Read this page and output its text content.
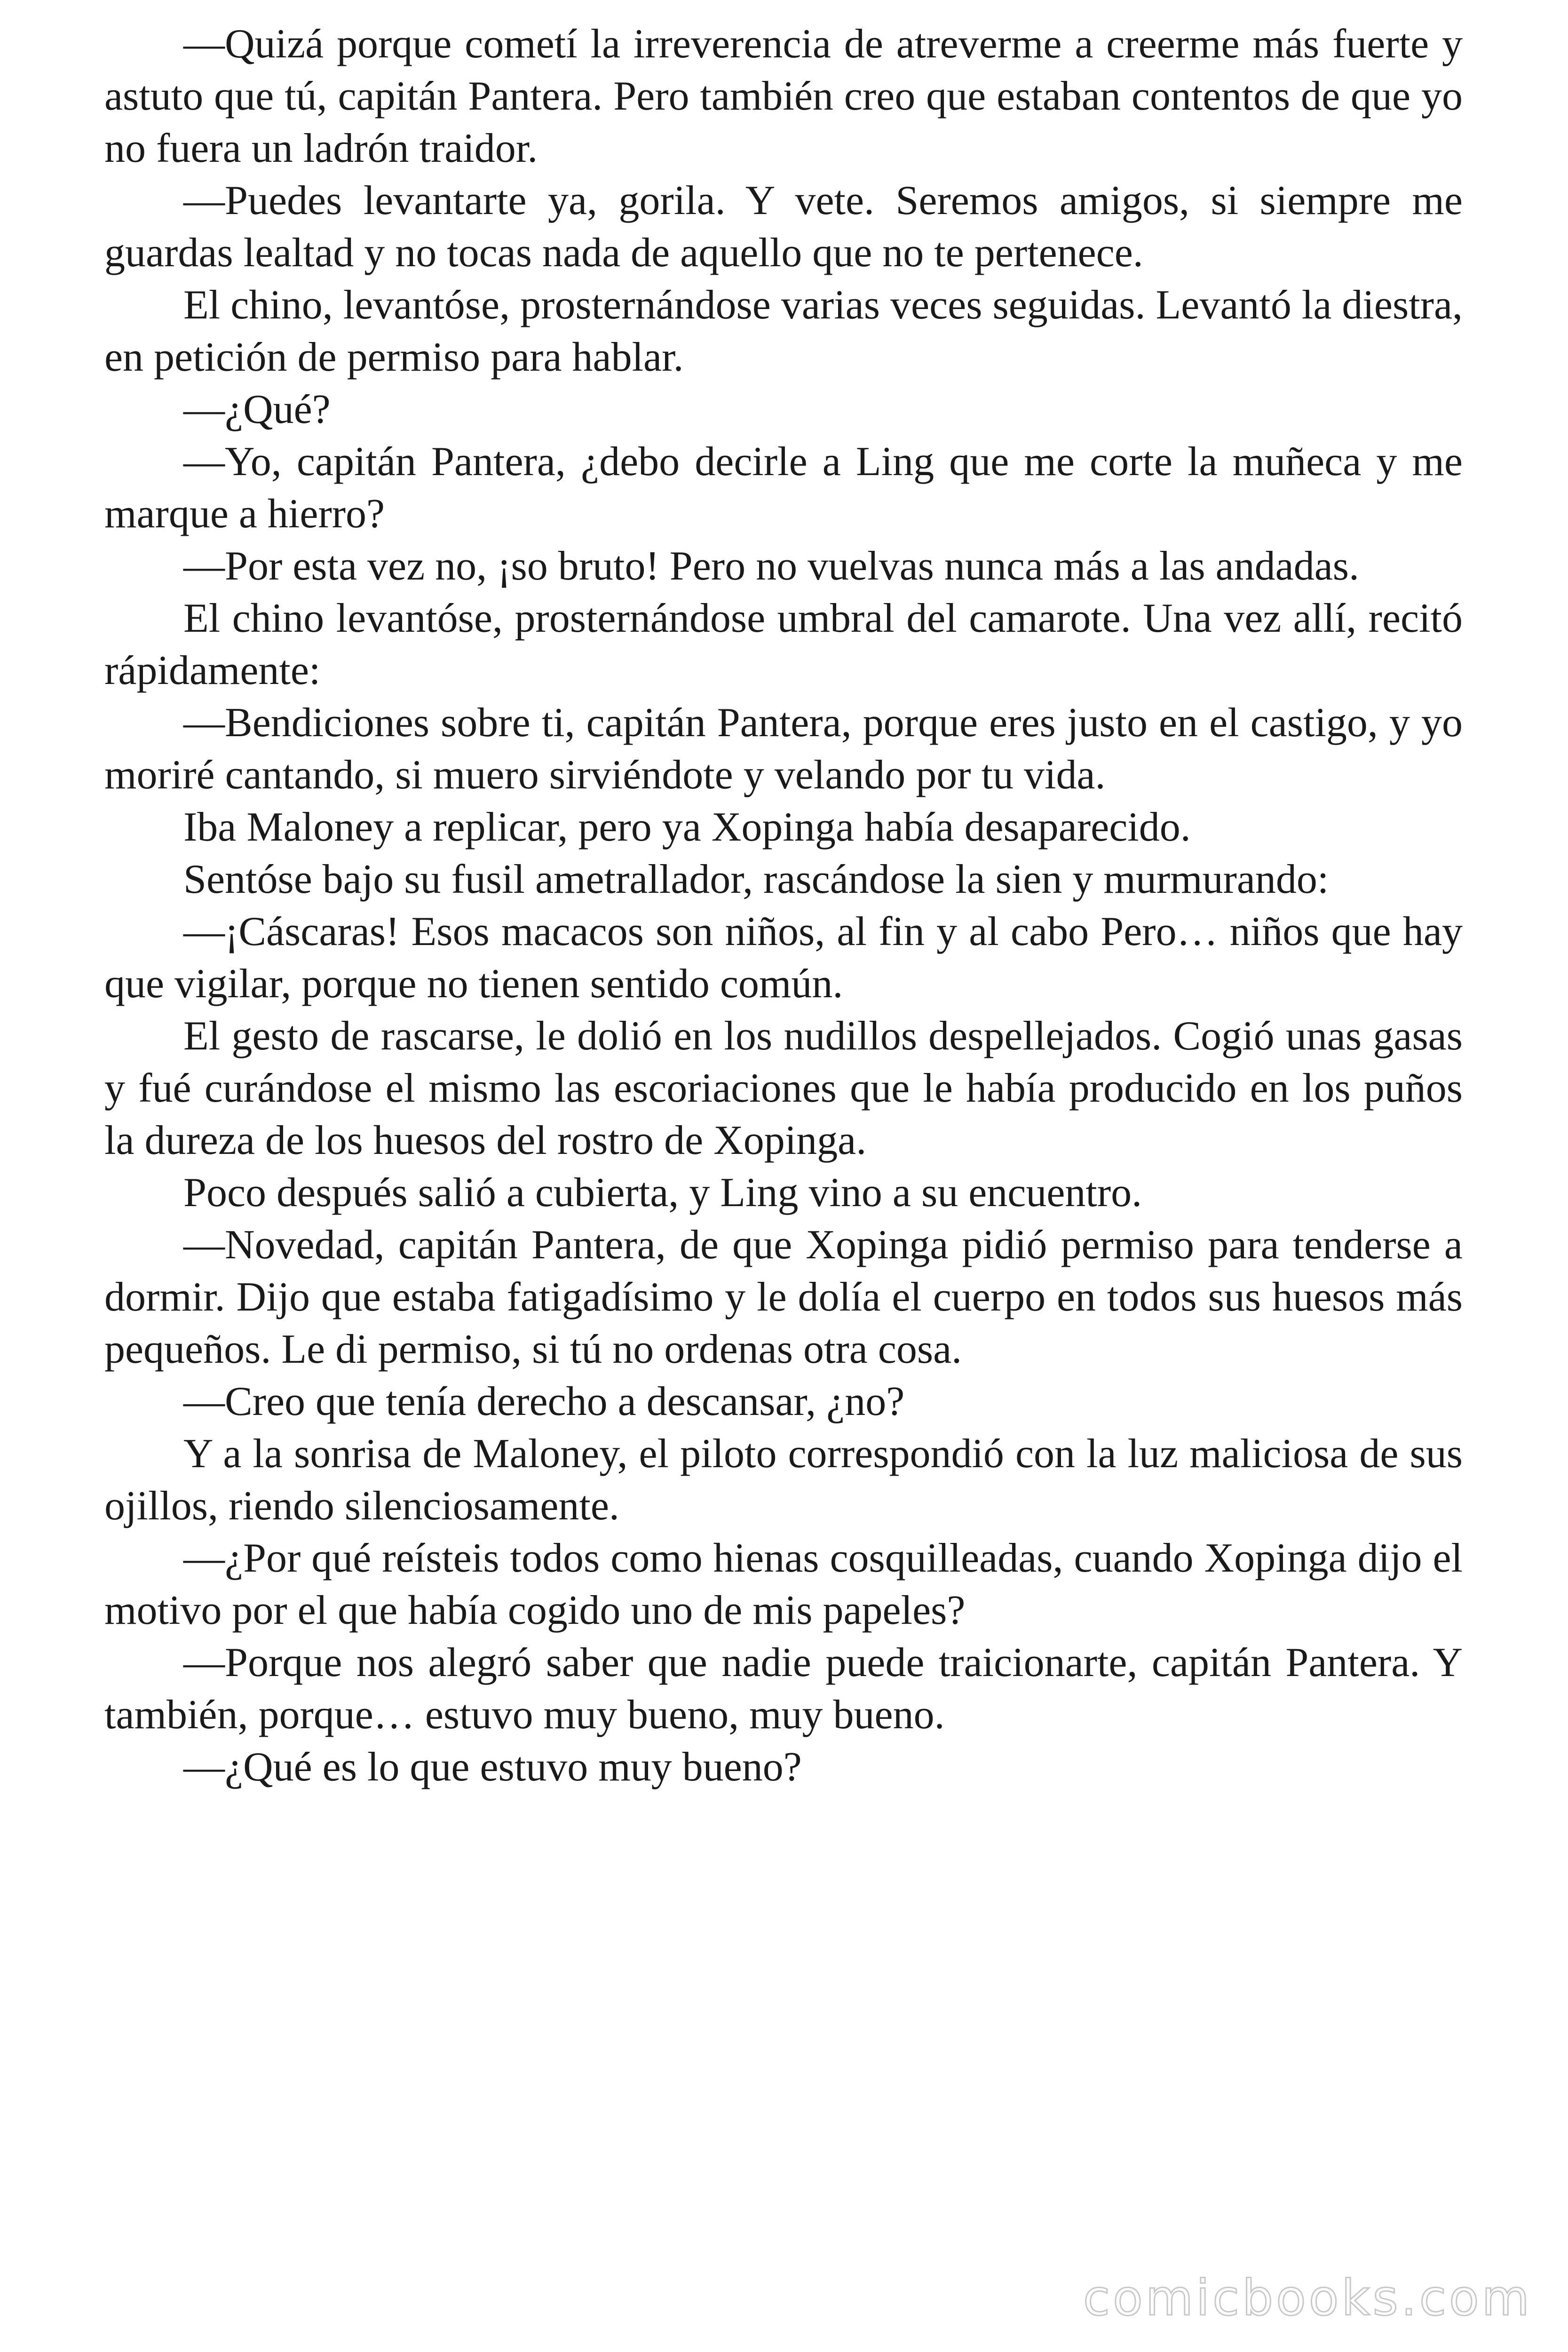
—Quizá porque cometí la irreverencia de atreverme a creerme más fuerte y astuto que tú, capitán Pantera. Pero también creo que estaban contentos de que yo no fuera un ladrón traidor.

—Puedes levantarte ya, gorila. Y vete. Seremos amigos, si siempre me guardas lealtad y no tocas nada de aquello que no te pertenece.

El chino, levantóse, prosternándose varias veces seguidas. Levantó la diestra, en petición de permiso para hablar.

—¿Qué?

—Yo, capitán Pantera, ¿debo decirle a Ling que me corte la muñeca y me marque a hierro?

—Por esta vez no, ¡so bruto! Pero no vuelvas nunca más a las andadas.

El chino levantóse, prosternándose umbral del camarote. Una vez allí, recitó rápidamente:

—Bendiciones sobre ti, capitán Pantera, porque eres justo en el castigo, y yo moriré cantando, si muero sirviéndote y velando por tu vida.

Iba Maloney a replicar, pero ya Xopinga había desaparecido.

Sentóse bajo su fusil ametrallador, rascándose la sien y murmurando:

—¡Cáscaras! Esos macacos son niños, al fin y al cabo Pero… niños que hay que vigilar, porque no tienen sentido común.

El gesto de rascarse, le dolió en los nudillos despellejados. Cogió unas gasas y fué curándose el mismo las escoriaciones que le había producido en los puños la dureza de los huesos del rostro de Xopinga.

Poco después salió a cubierta, y Ling vino a su encuentro.

—Novedad, capitán Pantera, de que Xopinga pidió permiso para tenderse a dormir. Dijo que estaba fatigadísimo y le dolía el cuerpo en todos sus huesos más pequeños. Le di permiso, si tú no ordenas otra cosa.

—Creo que tenía derecho a descansar, ¿no?

Y a la sonrisa de Maloney, el piloto correspondió con la luz maliciosa de sus ojillos, riendo silenciosamente.

—¿Por qué reísteis todos como hienas cosquilleadas, cuando Xopinga dijo el motivo por el que había cogido uno de mis papeles?

—Porque nos alegró saber que nadie puede traicionarte, capitán Pantera. Y también, porque… estuvo muy bueno, muy bueno.

—¿Qué es lo que estuvo muy bueno?

comicbooks.com
